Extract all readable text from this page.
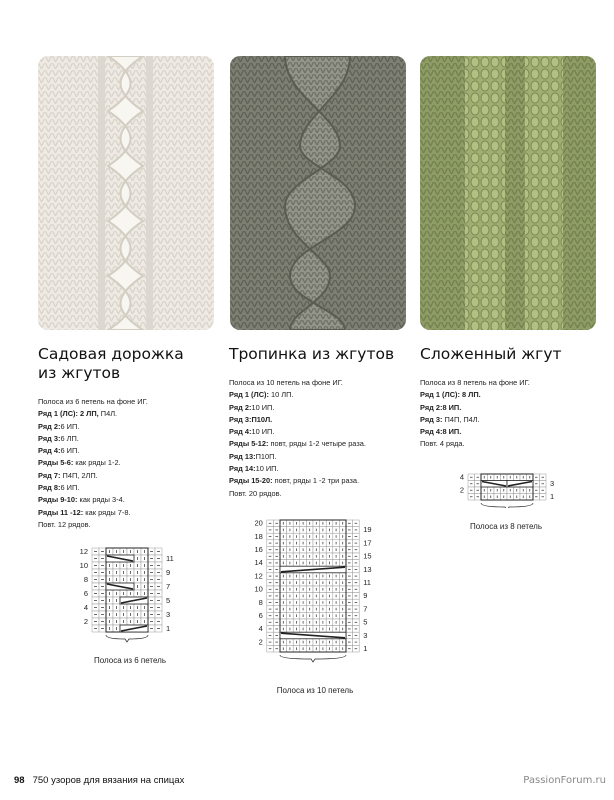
Садовая дорожка
из жгутов
Полоса из 6 петель на фоне ИГ.
Ряд 1 (ЛС): 2 ЛП, П4Л.
Ряд 2:6 ИП.
Ряд 3:6 ЛП.
Ряд 4:6 ИП.
Ряды 5-6: как ряды 1-2.
Ряд 7: П4П, 2ЛП.
Ряд 8:6 ИП.
Ряды 9-10: как ряды 3-4.
Ряды 11 -12: как ряды 7-8.
Повт. 12 рядов.
Тропинка из жгутов
Полоса из 10 петель на фоне ИГ.
Ряд 1 (ЛС): 10 ЛП.
Ряд 2:10 ИП.
Ряд 3:П10Л.
Ряд 4:10 ИП.
Ряды 5-12: повт, ряды 1-2 четыре раза.
Ряд 13:П10П.
Ряд 14:10 ИП.
Ряды 15-20: повт, ряды 1 -2 три раза.
Повт. 20 рядов.
Сложенный жгут
Полоса из 8 петель на фоне ИГ.
Ряд 1 (ЛС): 8 ЛП.
Ряд 2:8 ИП.
Ряд 3: П4П, П4Л.
Ряд 4:8 ИП.
Повт. 4 ряда.
12
10
8
6
4
2
11
9
7
5
3
1
Полоса из 6 петель
20
18
16
14
12
10
8
6
4
2
19
17
15
13
11
9
7
5
3
1
Полоса из 10 петель
4
2
3
1
Полоса из 8 петель
98 750 узоров для вязания на спицах	PassionForum.ru
